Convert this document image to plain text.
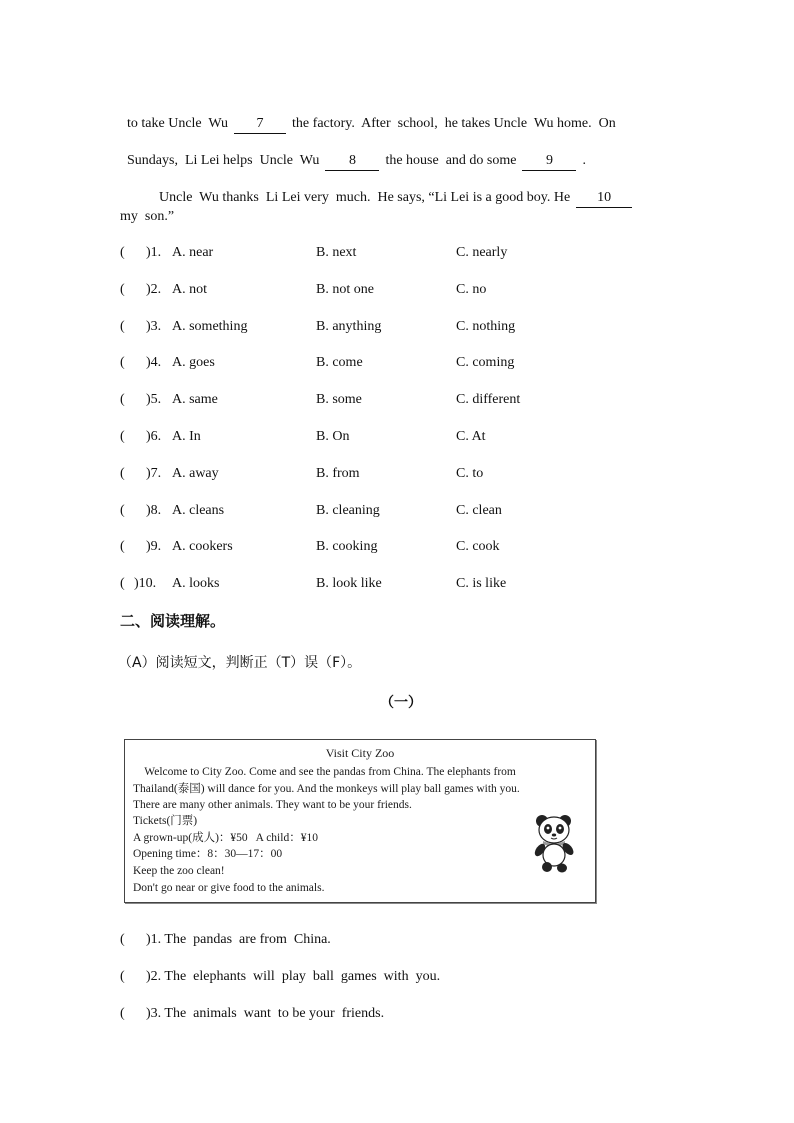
to take Uncle  Wu 7 the factory.  After  school,  he takes Uncle  Wu home.  On

Sundays,  Li Lei helps  Uncle  Wu 8 the house  and do some 9 .

Uncle  Wu thanks  Li Lei very  much.  He says, “Li Lei is a good boy. He 10

my  son.”
( )1. A. near	B. next	C. nearly
( )2. A. not	B. not one	C. no
( )3. A. something	B. anything	C. nothing
( )4. A. goes	B. come	C. coming
( )5. A. same	B. some	C. different
( )6. A. In	B. On	C. At
( )7. A. away	B. from	C. to
( )8. A. cleans	B. cleaning	C. clean
( )9. A. cookers	B. cooking	C. cook
( )10. A. looks	B. look like	C. is like
二、阅读理解。
（A）阅读短文，判断正（T）误（F）。
（一）
Visit City Zoo
Welcome to City Zoo. Come and see the pandas from China. The elephants from
Thailand(泰国) will dance for you. And the monkeys will play ball games with you.
There are many other animals. They want to be your friends.
Tickets(门票)
A grown-up(成人)：¥50   A child：¥10
Opening time：8：30—17：00
Keep the zoo clean!
Don't go near or give food to the animals.
( )1. The  pandas  are from  China.
( )2. The  elephants  will  play  ball  games  with  you.
( )3. The  animals  want  to be your  friends.
